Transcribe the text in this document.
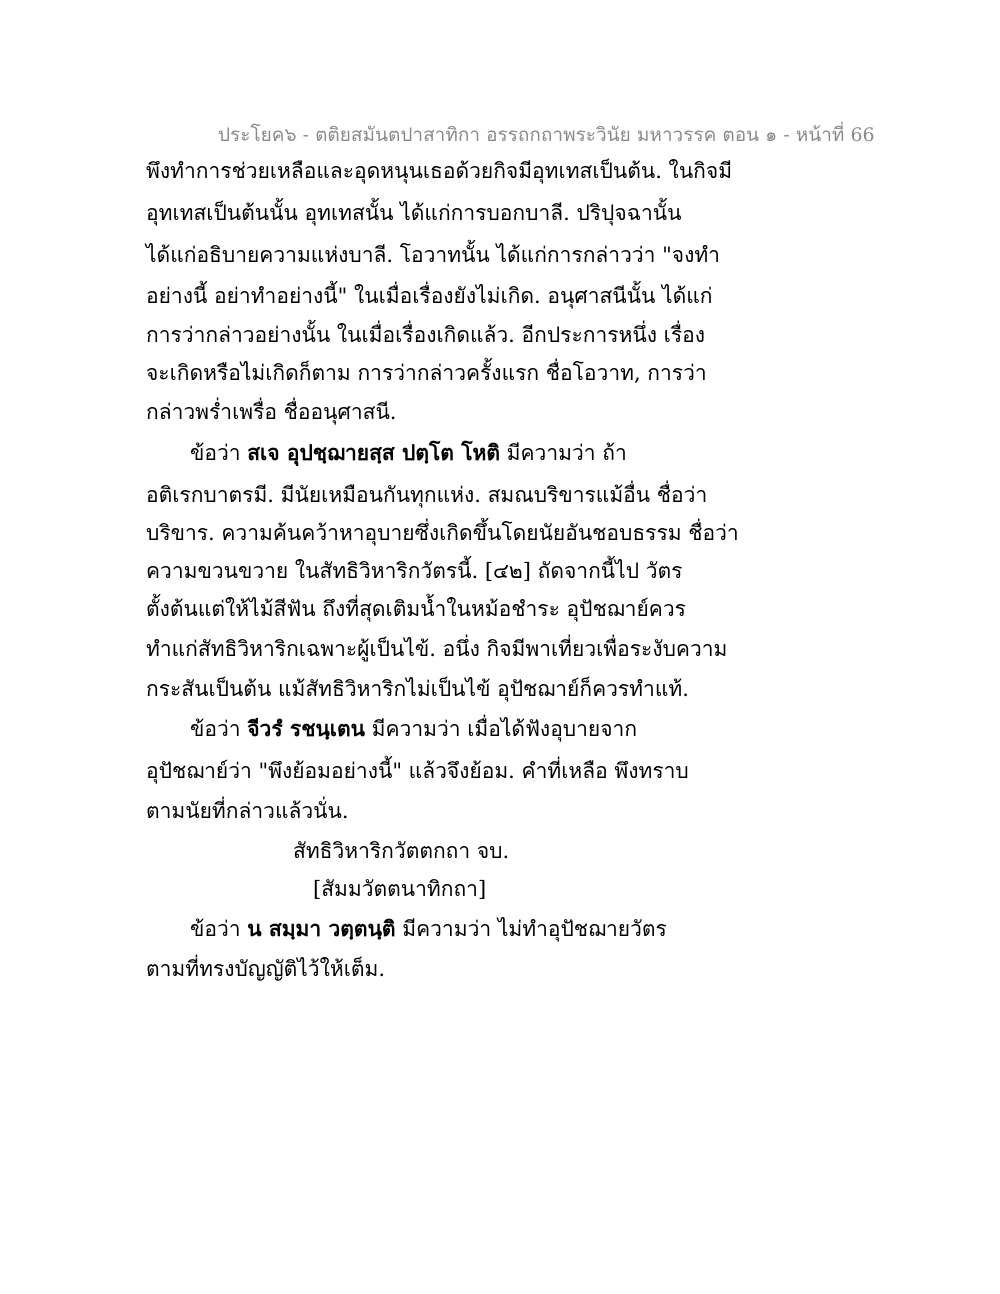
ประโยค๖ - ตติยสมันตปาสาทิกา อรรถกถาพระวินัย มหาวรรค ตอน ๑ - หน้าที่ 66
พึงทำการช่วยเหลือและอุดหนุนเธอด้วยกิจมีอุทเทสเป็นต้น. ในกิจมี
อุทเทสเป็นต้นนั้น อุทเทสนั้น ได้แก่การบอกบาลี. ปริปุจฉานั้น
ได้แก่อธิบายความแห่งบาลี. โอวาทนั้น ได้แก่การกล่าวว่า "จงทำ
อย่างนี้ อย่าทำอย่างนี้" ในเมื่อเรื่องยังไม่เกิด. อนุศาสนีนั้น ได้แก่
การว่ากล่าวอย่างนั้น ในเมื่อเรื่องเกิดแล้ว. อีกประการหนึ่ง เรื่อง
จะเกิดหรือไม่เกิดก็ตาม การว่ากล่าวครั้งแรก ชื่อโอวาท, การว่า
กล่าวพร่ำเพรื่อ ชื่ออนุศาสนี.
ข้อว่า สเจ อุปชฺฌายสฺส ปตฺโต โหติ มีความว่า ถ้า
อติเรกบาตรมี. มีนัยเหมือนกันทุกแห่ง. สมณบริขารแม้อื่น ชื่อว่า
บริขาร. ความค้นคว้าหาอุบายซึ่งเกิดขึ้นโดยนัยอันชอบธรรม ชื่อว่า
ความขวนขวาย ในสัทธิวิหาริกวัตรนี้. [๔๒] ถัดจากนี้ไป วัตร
ตั้งต้นแต่ให้ไม้สีฟัน ถึงที่สุดเติมน้ำในหม้อชำระ อุปัชฌาย์ควร
ทำแก่สัทธิวิหาริกเฉพาะผู้เป็นไข้. อนึ่ง กิจมีพาเที่ยวเพื่อระงับความ
กระสันเป็นต้น แม้สัทธิวิหาริกไม่เป็นไข้ อุปัชฌาย์ก็ควรทำแท้.
ข้อว่า จีวรํ รชนฺเตน มีความว่า เมื่อได้ฟังอุบายจาก
อุปัชฌาย์ว่า "พึงย้อมอย่างนี้" แล้วจึงย้อม. คำที่เหลือ พึงทราบ
ตามนัยที่กล่าวแล้วนั่น.
สัทธิวิหาริกวัตตกถา จบ.
[สัมมวัตตนาทิกถา]
ข้อว่า น สมฺมา วตฺตนฺติ มีความว่า ไม่ทำอุปัชฌายวัตร
ตามที่ทรงบัญญัติไว้ให้เต็ม.
